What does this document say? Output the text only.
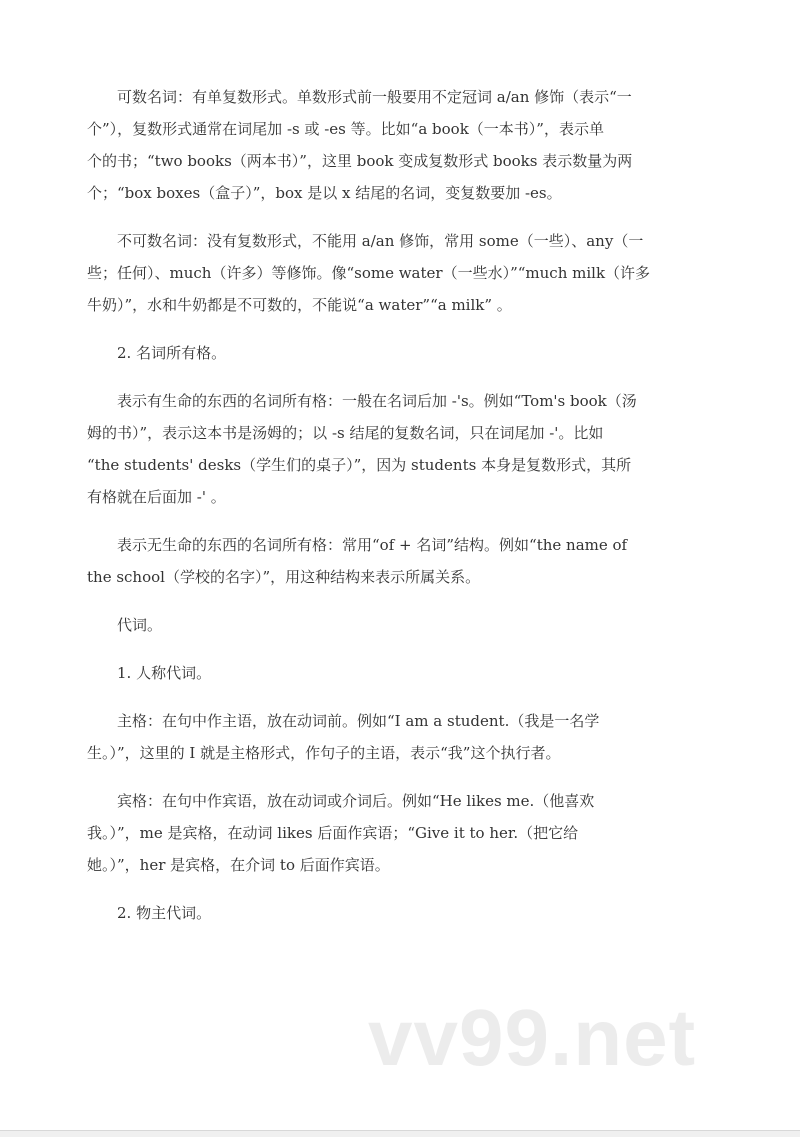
可数名词：有单复数形式。单数形式前一般要用不定冠词 a/an 修饰（表示“一
个”），复数形式通常在词尾加 -s 或 -es 等。比如“a book（一本书）”，表示单
个的书；“two books（两本书）”，这里 book 变成复数形式 books 表示数量为两
个；“box boxes（盒子）”，box 是以 x 结尾的名词，变复数要加 -es。
不可数名词：没有复数形式，不能用 a/an 修饰，常用 some（一些）、any（一
些；任何）、much（许多）等修饰。像“some water（一些水）”“much milk（许多
牛奶）”，水和牛奶都是不可数的，不能说“a water”“a milk” 。
2. 名词所有格。
表示有生命的东西的名词所有格：一般在名词后加 -'s。例如“Tom's book（汤
姆的书）”，表示这本书是汤姆的；以 -s 结尾的复数名词，只在词尾加 -'。比如
“the students' desks（学生们的桌子）”，因为 students 本身是复数形式，其所
有格就在后面加 -' 。
表示无生命的东西的名词所有格：常用“of + 名词”结构。例如“the name of
the school（学校的名字）”，用这种结构来表示所属关系。
代词。
1. 人称代词。
主格：在句中作主语，放在动词前。例如“I am a student.（我是一名学
生。）”，这里的 I 就是主格形式，作句子的主语，表示“我”这个执行者。
宾格：在句中作宾语，放在动词或介词后。例如“He likes me.（他喜欢
我。）”，me 是宾格，在动词 likes 后面作宾语；“Give it to her.（把它给
她。）”，her 是宾格，在介词 to 后面作宾语。
2. 物主代词。
vv99.net
